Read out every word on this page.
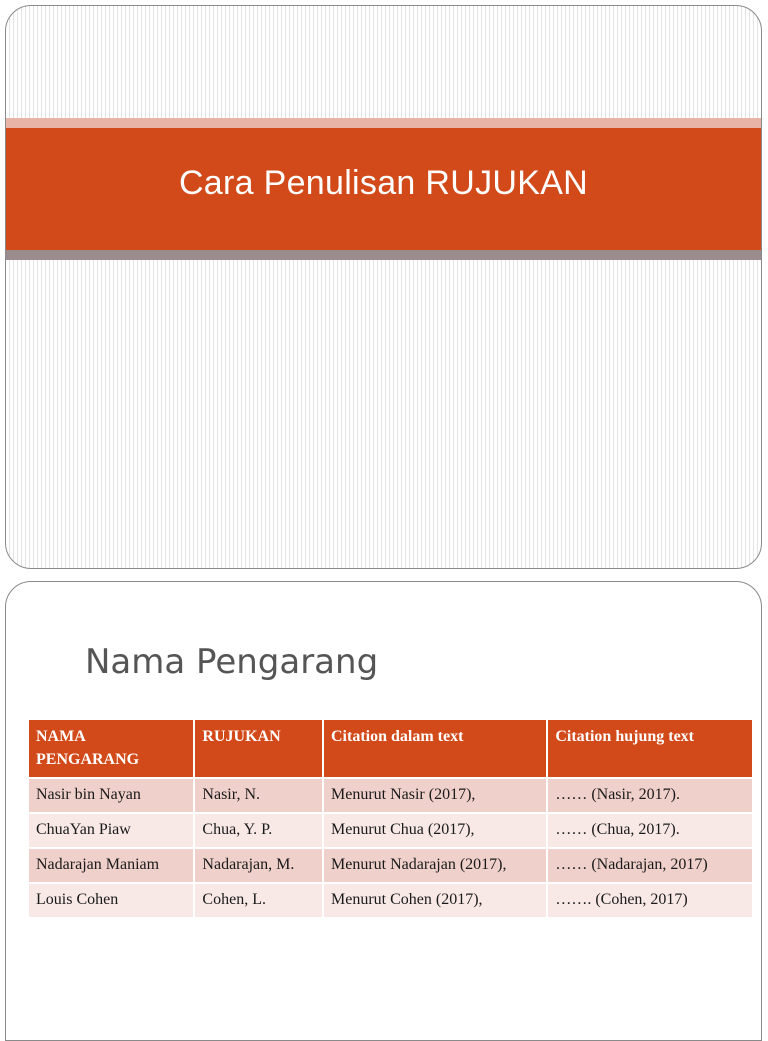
Cara Penulisan RUJUKAN
Nama Pengarang
NAMA PENGARANG	RUJUKAN	Citation dalam text	Citation hujung text
Nasir bin Nayan	Nasir, N.	Menurut Nasir (2017),	…… (Nasir, 2017).
ChuaYan Piaw	Chua, Y. P.	Menurut Chua (2017),	…… (Chua, 2017).
Nadarajan Maniam	Nadarajan, M.	Menurut Nadarajan (2017),	…… (Nadarajan, 2017)
Louis Cohen	Cohen, L.	Menurut Cohen (2017),	……. (Cohen, 2017)
